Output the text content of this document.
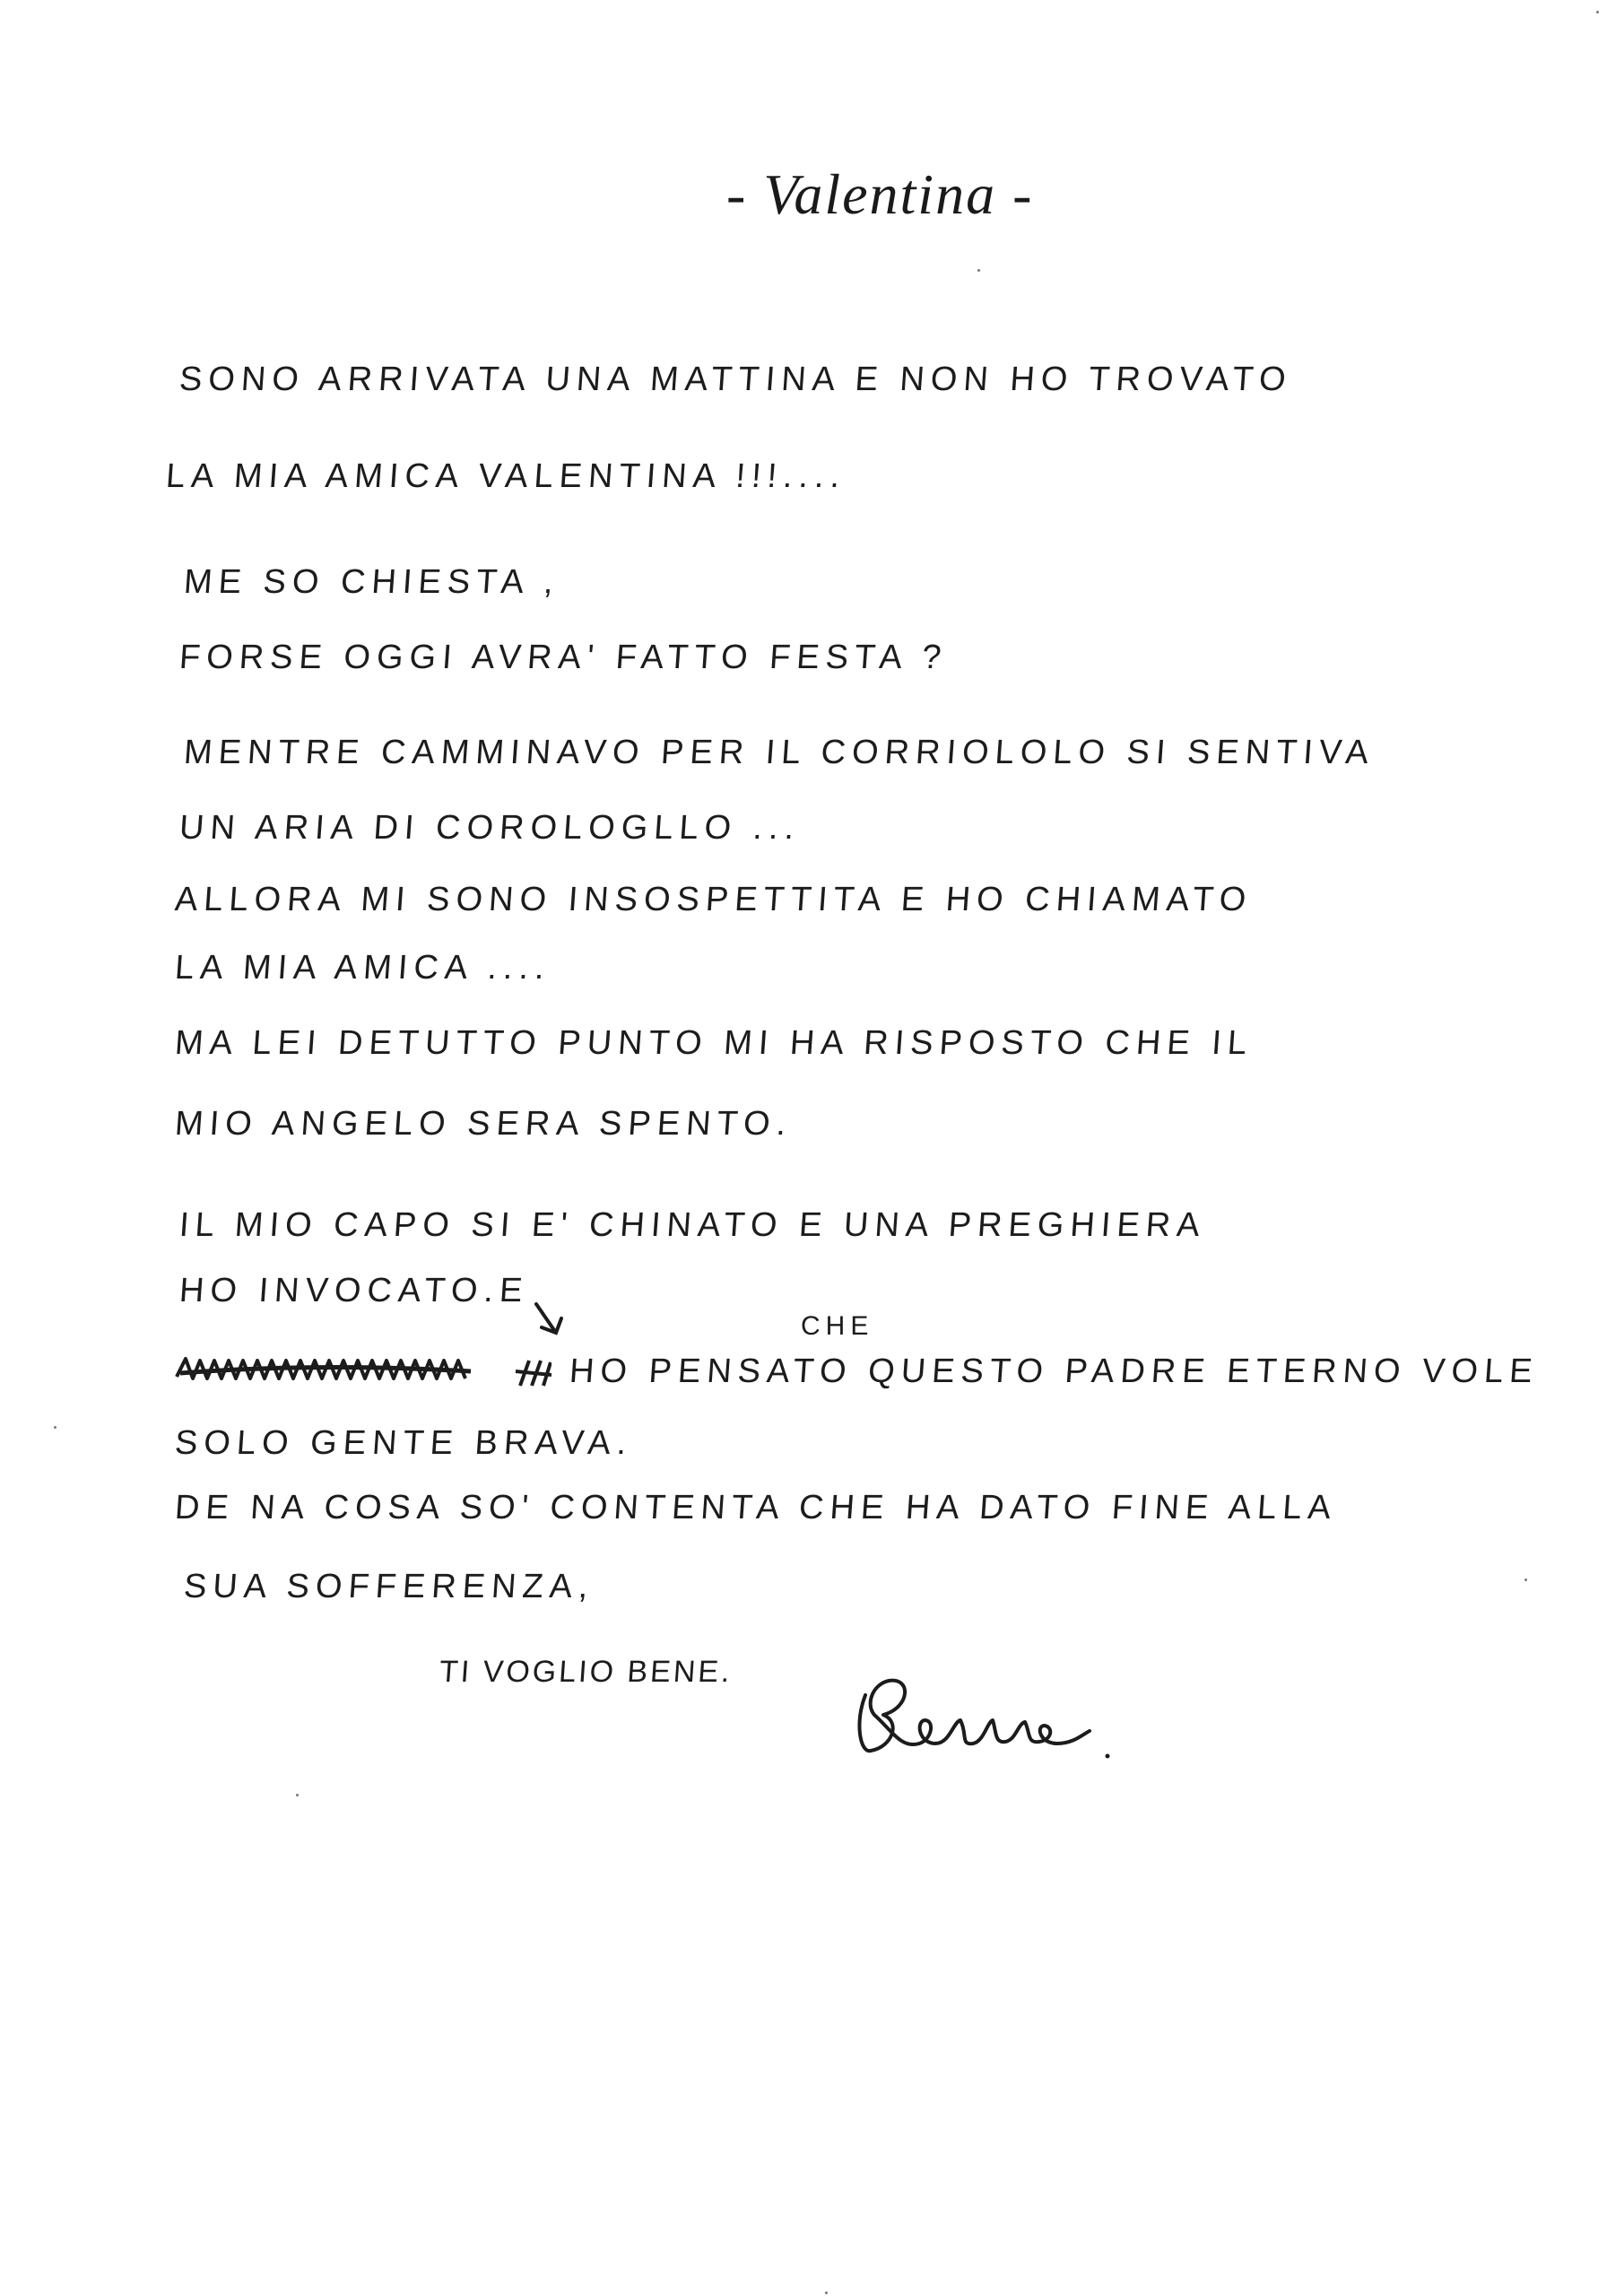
- Valentina -
SONO ARRIVATA UNA MATTINA E NON HO TROVATO
LA MIA AMICA VALENTINA !!!....
ME SO CHIESTA ,
FORSE OGGI AVRA' FATTO FESTA ?
MENTRE CAMMINAVO PER IL CORRIOLOLO SI SENTIVA
UN ARIA DI COROLOGLLO ...
ALLORA MI SONO INSOSPETTITA E HO CHIAMATO
LA MIA AMICA ....
MA LEI DETUTTO PUNTO MI HA RISPOSTO CHE IL
MIO ANGELO SERA SPENTO.
IL MIO CAPO SI E' CHINATO E UNA PREGHIERA
HO INVOCATO.E
CHE
HO PENSATO QUESTO PADRE ETERNO VOLE
SOLO GENTE BRAVA.
DE NA COSA SO' CONTENTA CHE HA DATO FINE ALLA
SUA SOFFERENZA,
TI VOGLIO BENE.
